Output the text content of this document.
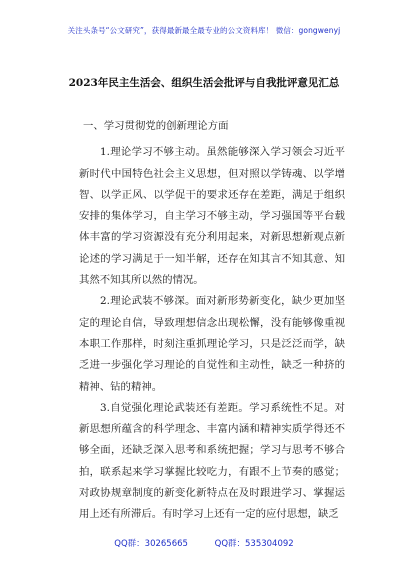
关注头条号“公文研究”，获得最新最全最专业的公文资料库！ 微信：gongwenyj
2023年民主生活会、组织生活会批评与自我批评意见汇总
一、学习贯彻党的创新理论方面

1.理论学习不够主动。虽然能够深入学习领会习近平新时代中国特色社会主义思想，但对照以学铸魂、以学增智、以学正风、以学促干的要求还存在差距，满足于组织安排的集体学习，自主学习不够主动，学习强国等平台载体丰富的学习资源没有充分利用起来，对新思想新观点新论述的学习满足于一知半解，还存在知其言不知其意、知其然不知其所以然的情况。

2.理论武装不够深。面对新形势新变化，缺少更加坚定的理论自信，导致理想信念出现松懈，没有能够像重视本职工作那样，时刻注重抓理论学习，只是泛泛而学，缺乏进一步强化学习理论的自觉性和主动性，缺乏一种挤的精神、钻的精神。

3.自觉强化理论武装还有差距。学习系统性不足。对新思想所蕴含的科学理念、丰富内涵和精神实质学得还不够全面，还缺乏深入思考和系统把握；学习与思考不够合拍，联系起来学习掌握比较吃力，有跟不上节奏的感觉；对政协规章制度的新变化新特点在及时跟进学习、掌握运用上还有所滞后。有时学习上还有一定的应付思想，缺乏

QQ群：30265665	QQ群：535304092
